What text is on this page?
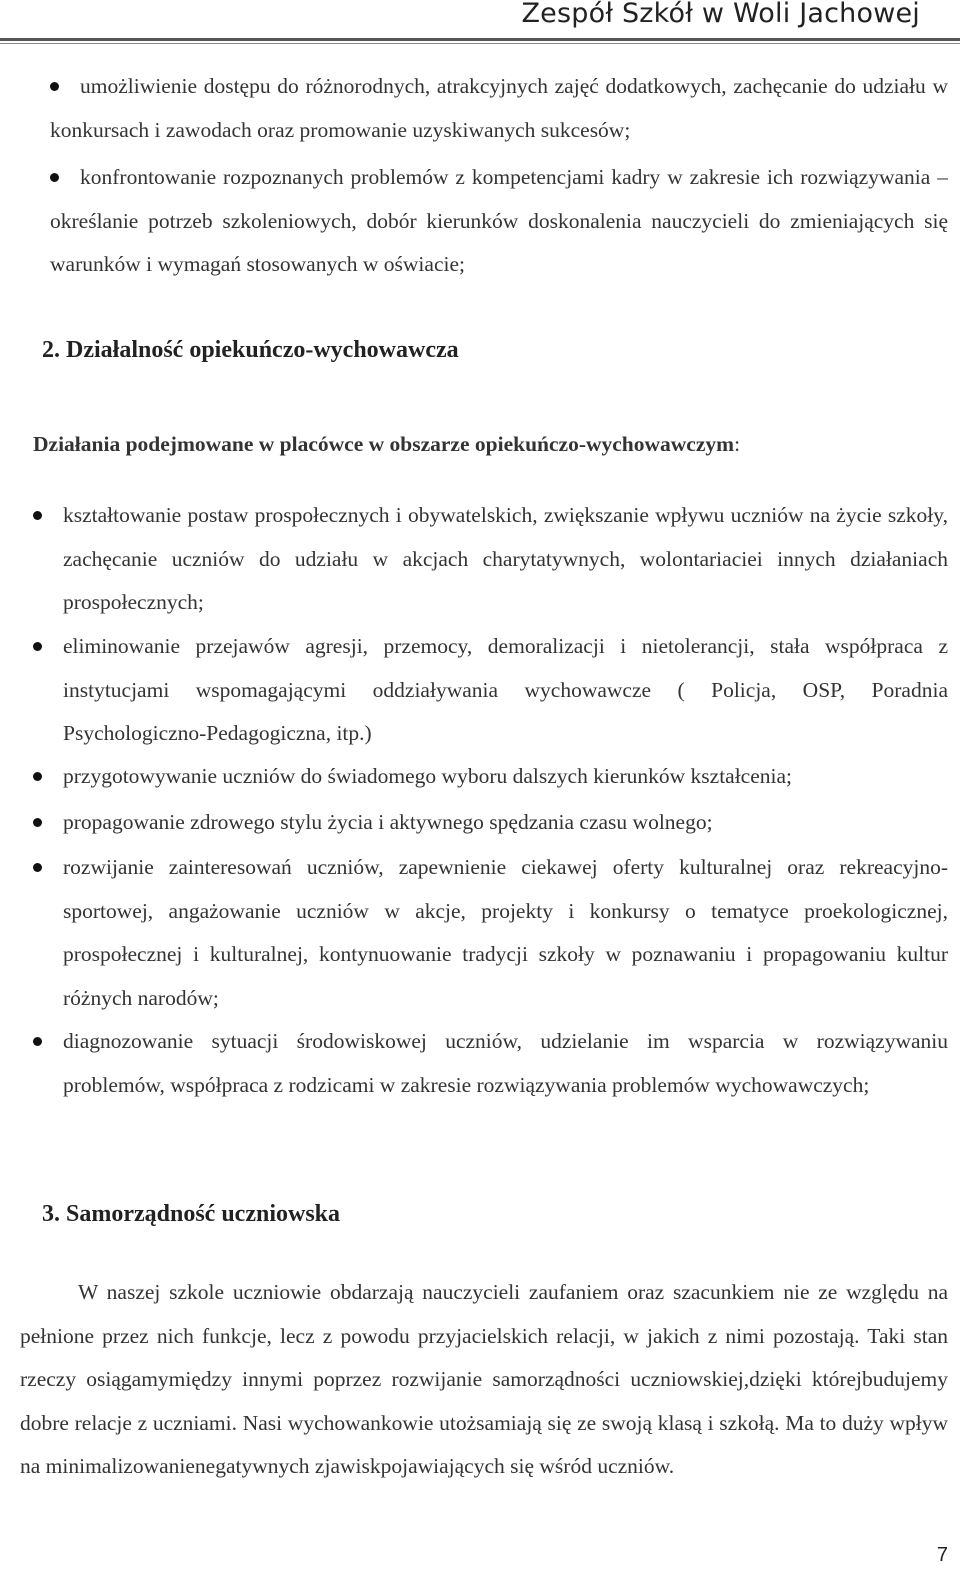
Zespół Szkół w Woli Jachowej
umożliwienie dostępu do różnorodnych, atrakcyjnych zajęć dodatkowych, zachęcanie do udziału w konkursach i zawodach oraz promowanie uzyskiwanych sukcesów;
konfrontowanie rozpoznanych problemów z kompetencjami kadry w zakresie ich rozwiązywania – określanie potrzeb szkoleniowych, dobór kierunków doskonalenia nauczycieli do zmieniających się warunków i wymagań stosowanych w oświacie;
2. Działalność opiekuńczo-wychowawcza
Działania podejmowane w placówce w obszarze opiekuńczo-wychowawczym:
kształtowanie postaw prospołecznych i obywatelskich, zwiększanie wpływu uczniów na życie szkoły, zachęcanie uczniów do udziału w akcjach charytatywnych, wolontariaciei innych działaniach prospołecznych;
eliminowanie przejawów agresji, przemocy, demoralizacji i nietolerancji, stała współpraca z instytucjami wspomagającymi oddziaływania wychowawcze ( Policja, OSP, Poradnia Psychologiczno-Pedagogiczna, itp.)
przygotowywanie uczniów do świadomego wyboru dalszych kierunków kształcenia;
propagowanie zdrowego stylu życia i aktywnego spędzania czasu wolnego;
rozwijanie zainteresowań uczniów, zapewnienie ciekawej oferty kulturalnej oraz rekreacyjno-sportowej, angażowanie uczniów w akcje, projekty i konkursy o tematyce proekologicznej, prospołecznej i kulturalnej, kontynuowanie tradycji szkoły w poznawaniu i propagowaniu kultur różnych narodów;
diagnozowanie sytuacji środowiskowej uczniów, udzielanie im wsparcia w rozwiązywaniu problemów, współpraca z rodzicami w zakresie rozwiązywania problemów wychowawczych;
3. Samorządność uczniowska
W naszej szkole uczniowie obdarzają nauczycieli zaufaniem oraz szacunkiem nie ze względu na pełnione przez nich funkcje, lecz z powodu przyjacielskich relacji, w jakich z nimi pozostają. Taki stan rzeczy osiągamymiędzy innymi poprzez rozwijanie samorządności uczniowskiej,dzięki którejbudujemy dobre relacje z uczniami. Nasi wychowankowie utożsamiają się ze swoją klasą i szkołą. Ma to duży wpływ na minimalizowanienegatywnych zjawiskpojawiających się wśród uczniów.
7
